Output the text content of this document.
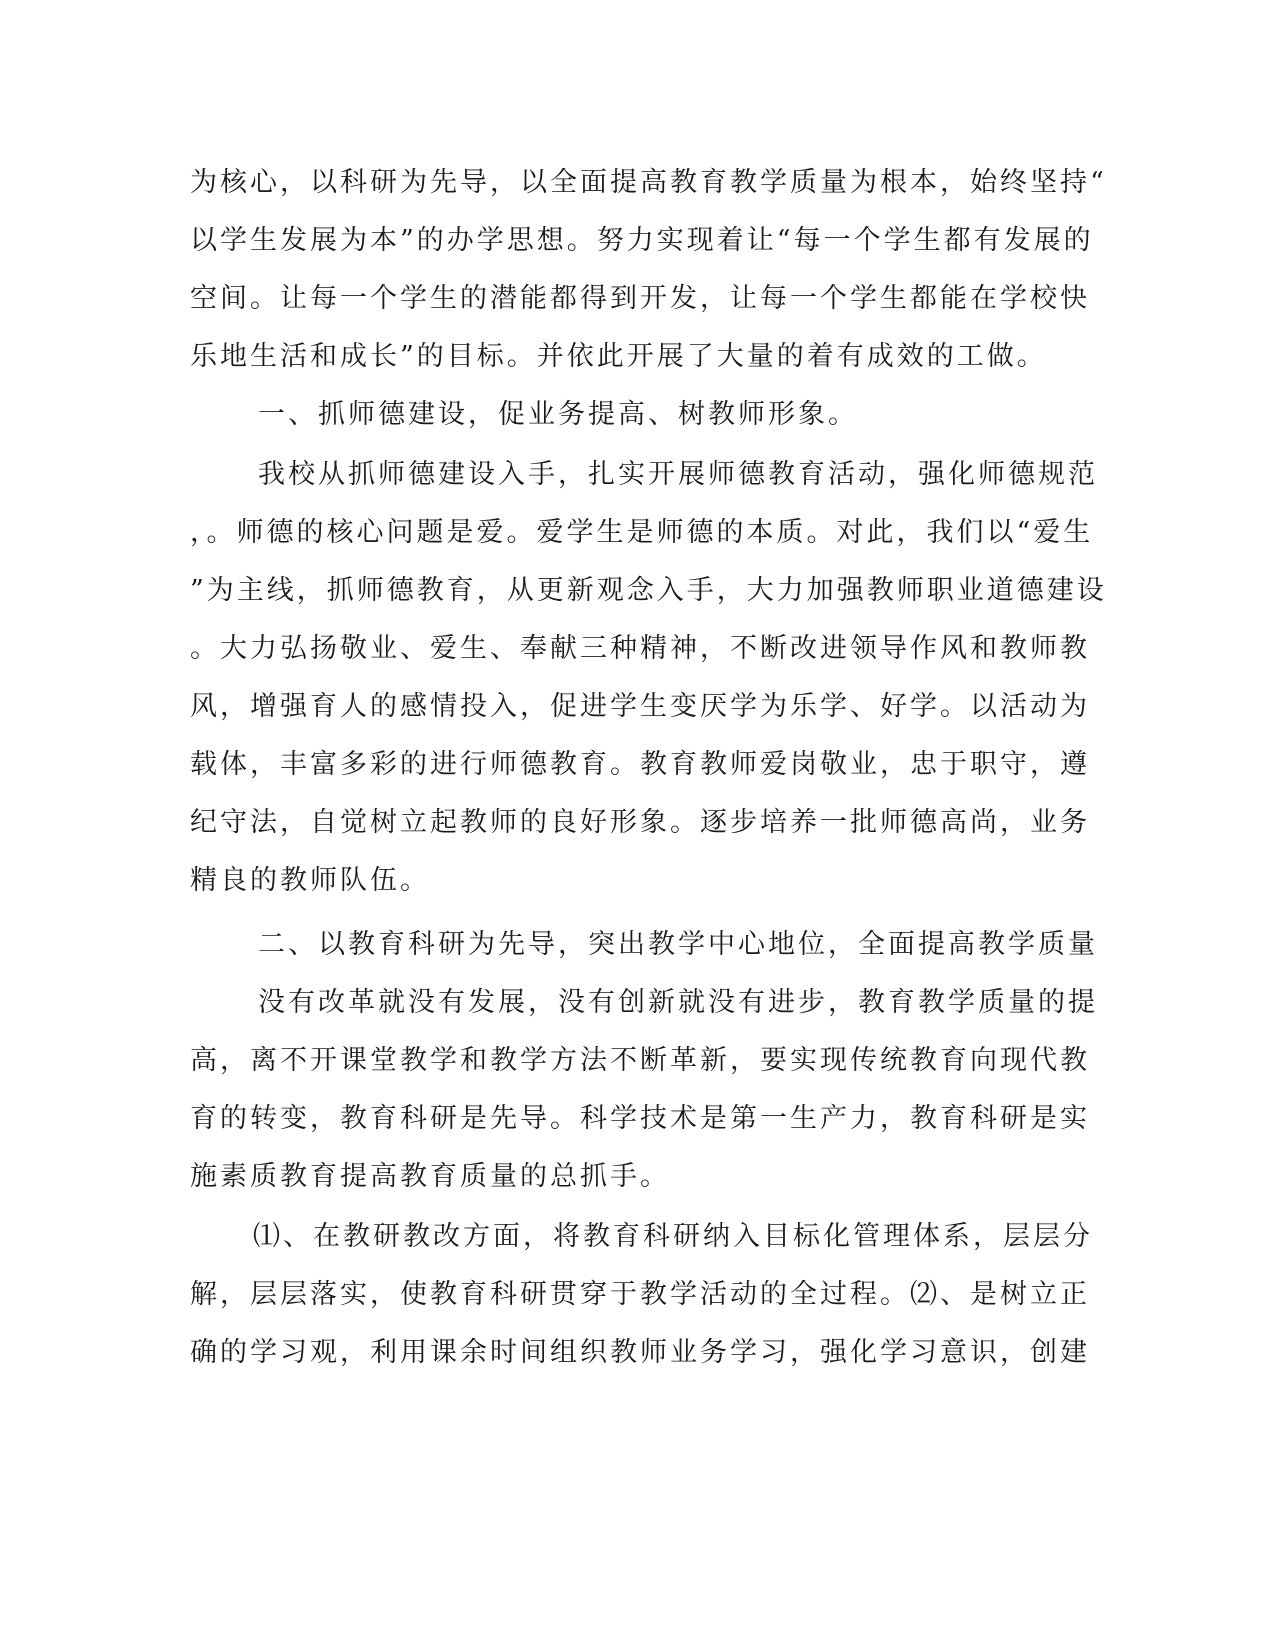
为核心，以科研为先导，以全面提高教育教学质量为根本，始终坚持“
以学生发展为本”的办学思想。努力实现着让“每一个学生都有发展的
空间。让每一个学生的潜能都得到开发，让每一个学生都能在学校快
乐地生活和成长”的目标。并依此开展了大量的着有成效的工做。
一、抓师德建设，促业务提高、树教师形象。
我校从抓师德建设入手，扎实开展师德教育活动，强化师德规范
，。师德的核心问题是爱。爱学生是师德的本质。对此，我们以“爱生
”为主线，抓师德教育，从更新观念入手，大力加强教师职业道德建设
。大力弘扬敬业、爱生、奉献三种精神，不断改进领导作风和教师教
风，增强育人的感情投入，促进学生变厌学为乐学、好学。以活动为
载体，丰富多彩的进行师德教育。教育教师爱岗敬业，忠于职守，遵
纪守法，自觉树立起教师的良好形象。逐步培养一批师德高尚，业务
精良的教师队伍。
二、以教育科研为先导，突出教学中心地位，全面提高教学质量
没有改革就没有发展，没有创新就没有进步，教育教学质量的提
高，离不开课堂教学和教学方法不断革新，要实现传统教育向现代教
育的转变，教育科研是先导。科学技术是第一生产力，教育科研是实
施素质教育提高教育质量的总抓手。
⑴、在教研教改方面，将教育科研纳入目标化管理体系，层层分
解，层层落实，使教育科研贯穿于教学活动的全过程。⑵、是树立正
确的学习观，利用课余时间组织教师业务学习，强化学习意识，创建
